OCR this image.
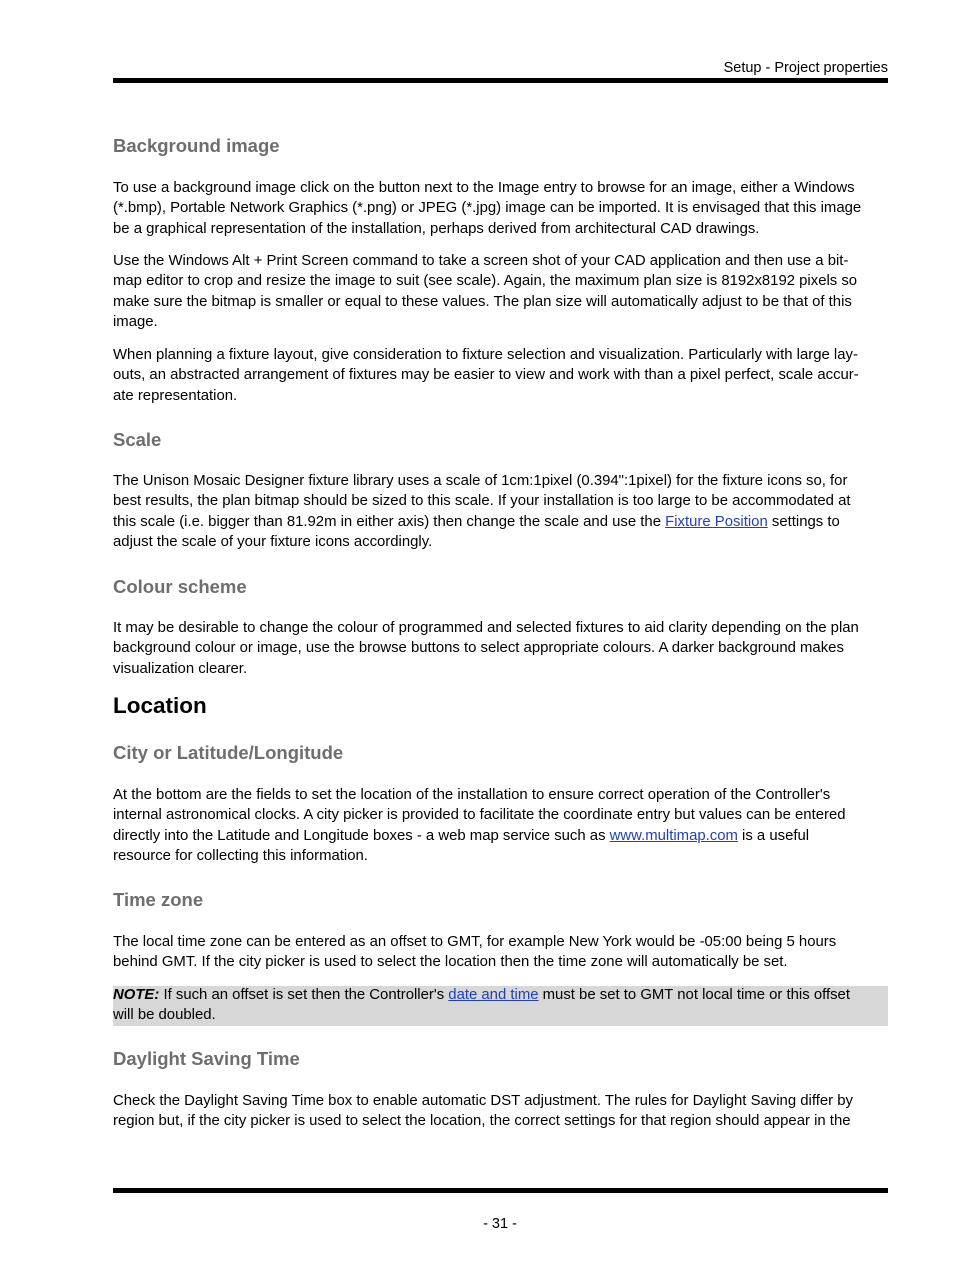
Setup - Project properties
Background image

To use a background image click on the button next to the Image entry to browse for an image, either a Windows
(*.bmp), Portable Network Graphics (*.png) or JPEG (*.jpg) image can be imported. It is envisaged that this image
be a graphical representation of the installation, perhaps derived from architectural CAD drawings.

Use the Windows Alt + Print Screen command to take a screen shot of your CAD application and then use a bit-
map editor to crop and resize the image to suit (see scale). Again, the maximum plan size is 8192x8192 pixels so
make sure the bitmap is smaller or equal to these values. The plan size will automatically adjust to be that of this
image.

When planning a fixture layout, give consideration to fixture selection and visualization. Particularly with large lay-
outs, an abstracted arrangement of fixtures may be easier to view and work with than a pixel perfect, scale accur-
ate representation.

Scale

The Unison Mosaic Designer fixture library uses a scale of 1cm:1pixel (0.394":1pixel) for the fixture icons so, for
best results, the plan bitmap should be sized to this scale. If your installation is too large to be accommodated at
this scale (i.e. bigger than 81.92m in either axis) then change the scale and use the Fixture Position settings to
adjust the scale of your fixture icons accordingly.

Colour scheme

It may be desirable to change the colour of programmed and selected fixtures to aid clarity depending on the plan
background colour or image, use the browse buttons to select appropriate colours. A darker background makes
visualization clearer.

Location
City or Latitude/Longitude

At the bottom are the fields to set the location of the installation to ensure correct operation of the Controller's
internal astronomical clocks. A city picker is provided to facilitate the coordinate entry but values can be entered
directly into the Latitude and Longitude boxes - a web map service such as www.multimap.com is a useful
resource for collecting this information.

Time zone

The local time zone can be entered as an offset to GMT, for example New York would be -05:00 being 5 hours
behind GMT. If the city picker is used to select the location then the time zone will automatically be set.

NOTE: If such an offset is set then the Controller's date and time must be set to GMT not local time or this offset
will be doubled.

Daylight Saving Time

Check the Daylight Saving Time box to enable automatic DST adjustment. The rules for Daylight Saving differ by
region but, if the city picker is used to select the location, the correct settings for that region should appear in the

- 31 -
